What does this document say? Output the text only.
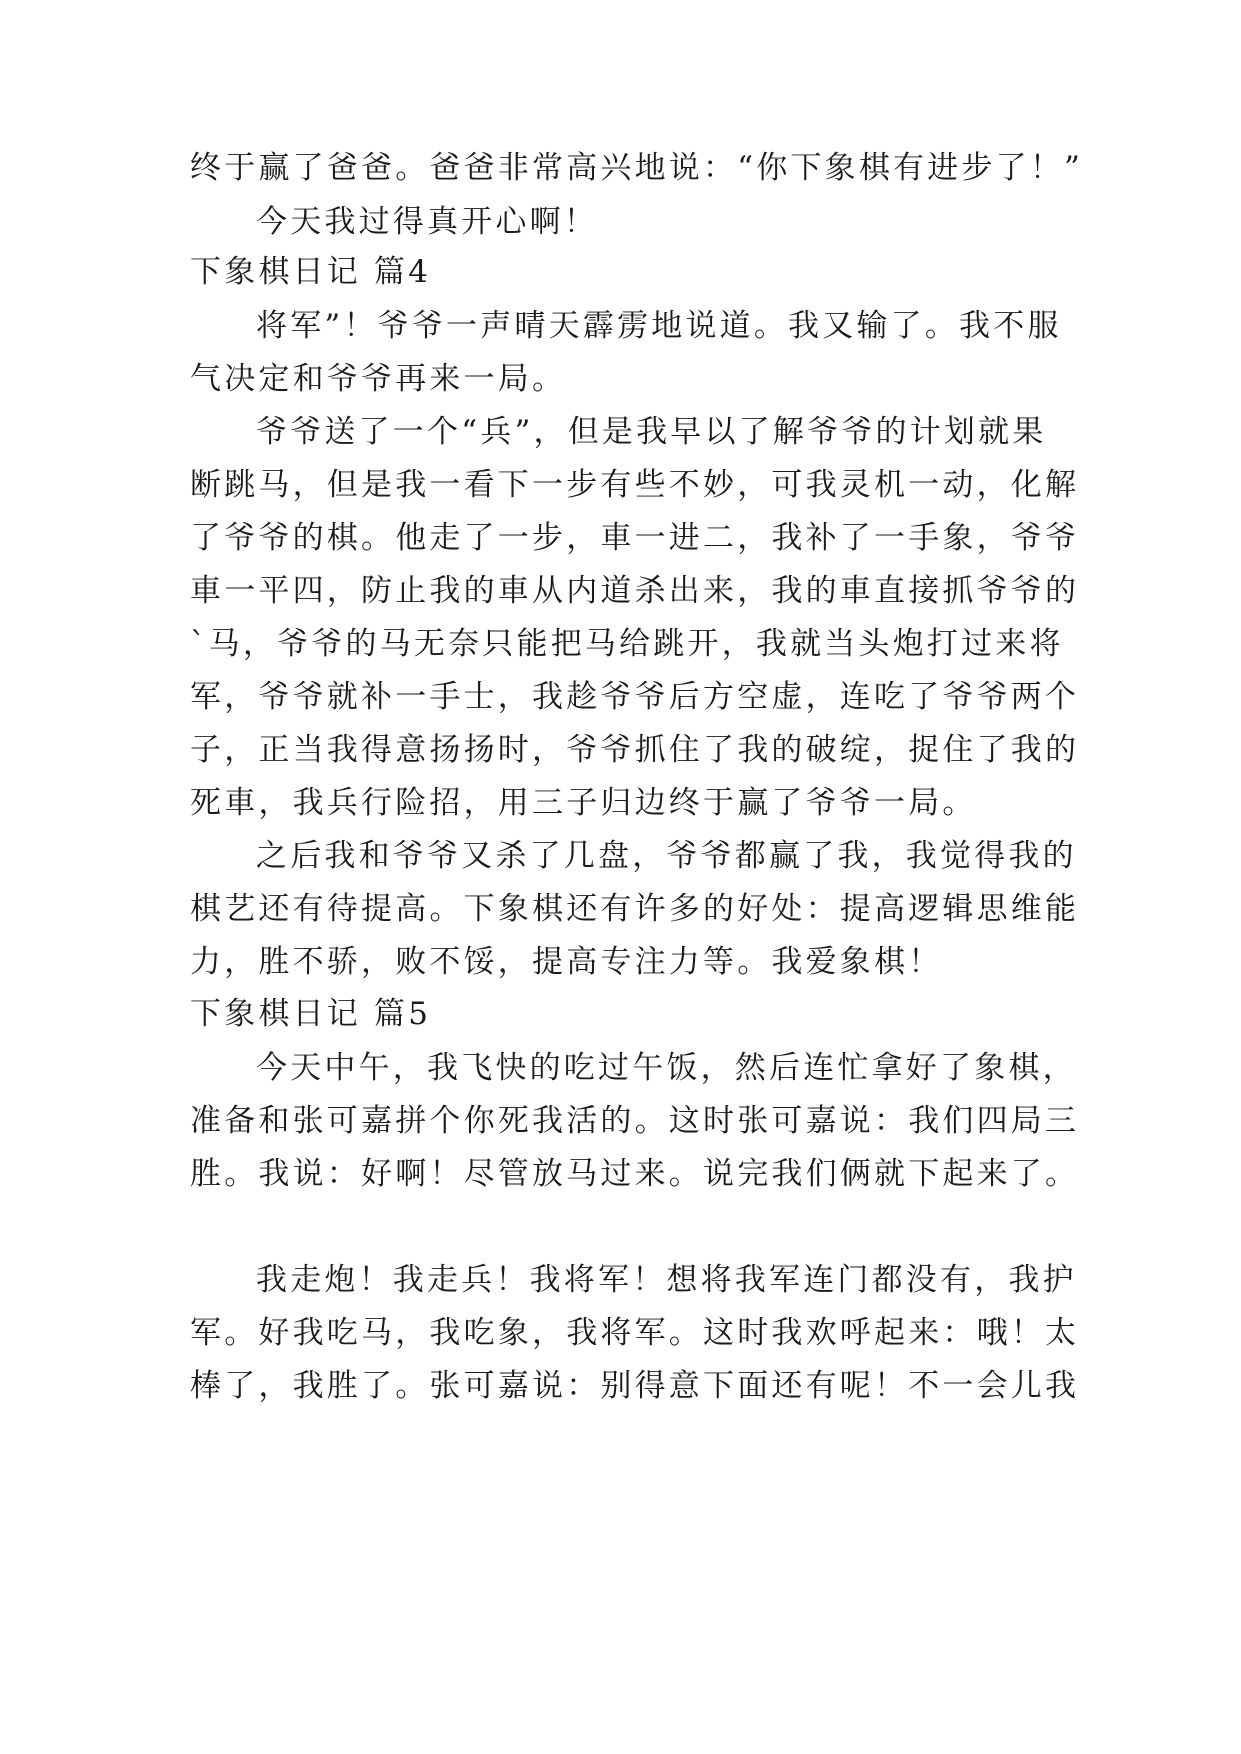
终于赢了爸爸。爸爸非常高兴地说：“你下象棋有进步了！”
今天我过得真开心啊！
下象棋日记 篇4
将军”！爷爷一声晴天霹雳地说道。我又输了。我不服
气决定和爷爷再来一局。
爷爷送了一个“兵”，但是我早以了解爷爷的计划就果
断跳马，但是我一看下一步有些不妙，可我灵机一动，化解
了爷爷的棋。他走了一步，車一进二，我补了一手象，爷爷
車一平四，防止我的車从内道杀出来，我的車直接抓爷爷的
`马，爷爷的马无奈只能把马给跳开，我就当头炮打过来将
军，爷爷就补一手士，我趁爷爷后方空虚，连吃了爷爷两个
子，正当我得意扬扬时，爷爷抓住了我的破绽，捉住了我的
死車，我兵行险招，用三子归边终于赢了爷爷一局。
之后我和爷爷又杀了几盘，爷爷都赢了我，我觉得我的
棋艺还有待提高。下象棋还有许多的好处：提高逻辑思维能
力，胜不骄，败不馁，提高专注力等。我爱象棋！
下象棋日记 篇5
今天中午，我飞快的吃过午饭，然后连忙拿好了象棋，
准备和张可嘉拼个你死我活的。这时张可嘉说：我们四局三
胜。我说：好啊！尽管放马过来。说完我们俩就下起来了。
我走炮！我走兵！我将军！想将我军连门都没有，我护
军。好我吃马，我吃象，我将军。这时我欢呼起来：哦！太
棒了，我胜了。张可嘉说：别得意下面还有呢！不一会儿我
